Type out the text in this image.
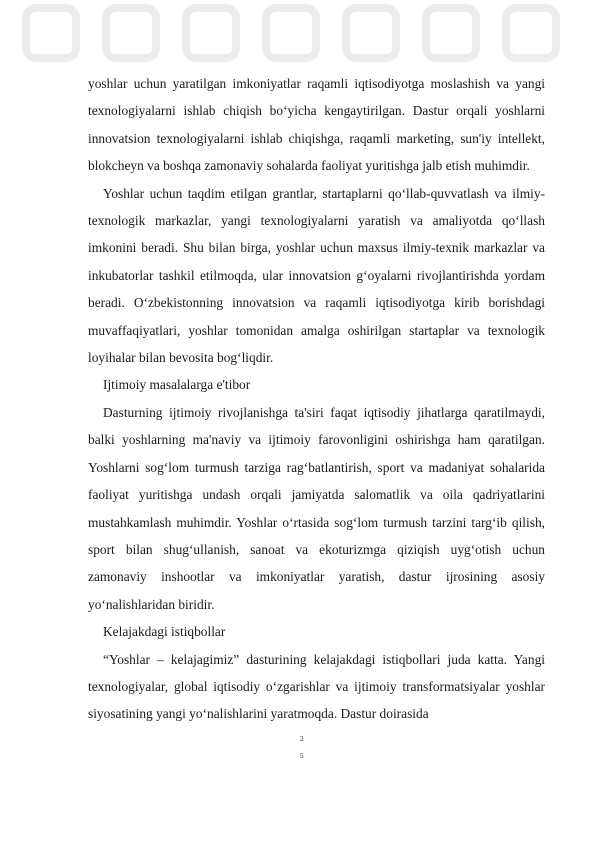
yoshlar uchun yaratilgan imkoniyatlar raqamli iqtisodiyotga moslashish va yangi texnologiyalarni ishlab chiqish bo‘yicha kengaytirilgan. Dastur orqali yoshlarni innovatsion texnologiyalarni ishlab chiqishga, raqamli marketing, sun'iy intellekt, blokcheyn va boshqa zamonaviy sohalarda faoliyat yuritishga jalb etish muhimdir.

Yoshlar uchun taqdim etilgan grantlar, startaplarni qo‘llab-quvvatlash va ilmiy-texnologik markazlar, yangi texnologiyalarni yaratish va amaliyotda qo‘llash imkonini beradi. Shu bilan birga, yoshlar uchun maxsus ilmiy-texnik markazlar va inkubatorlar tashkil etilmoqda, ular innovatsion g‘oyalarni rivojlantirishda yordam beradi. O‘zbekistonning innovatsion va raqamli iqtisodiyotga kirib borishdagi muvaffaqiyatlari, yoshlar tomonidan amalga oshirilgan startaplar va texnologik loyihalar bilan bevosita bog‘liqdir.

Ijtimoiy masalalarga e'tibor

Dasturning ijtimoiy rivojlanishga ta'siri faqat iqtisodiy jihatlarga qaratilmaydi, balki yoshlarning ma'naviy va ijtimoiy farovonligini oshirishga ham qaratilgan. Yoshlarni sog‘lom turmush tarziga rag‘batlantirish, sport va madaniyat sohalarida faoliyat yuritishga undash orqali jamiyatda salomatlik va oila qadriyatlarini mustahkamlash muhimdir. Yoshlar o‘rtasida sog‘lom turmush tarzini targ‘ib qilish, sport bilan shug‘ullanish, sanoat va ekoturizmga qiziqish uyg‘otish uchun zamonaviy inshootlar va imkoniyatlar yaratish, dastur ijrosining asosiy yo‘nalishlaridan biridir.

Kelajakdagi istiqbollar

“Yoshlar – kelajagimiz” dasturining kelajakdagi istiqbollari juda katta. Yangi texnologiyalar, global iqtisodiy o‘zgarishlar va ijtimoiy transformatsiyalar yoshlar siyosatining yangi yo‘nalishlarini yaratmoqda. Dastur doirasida

2
5
